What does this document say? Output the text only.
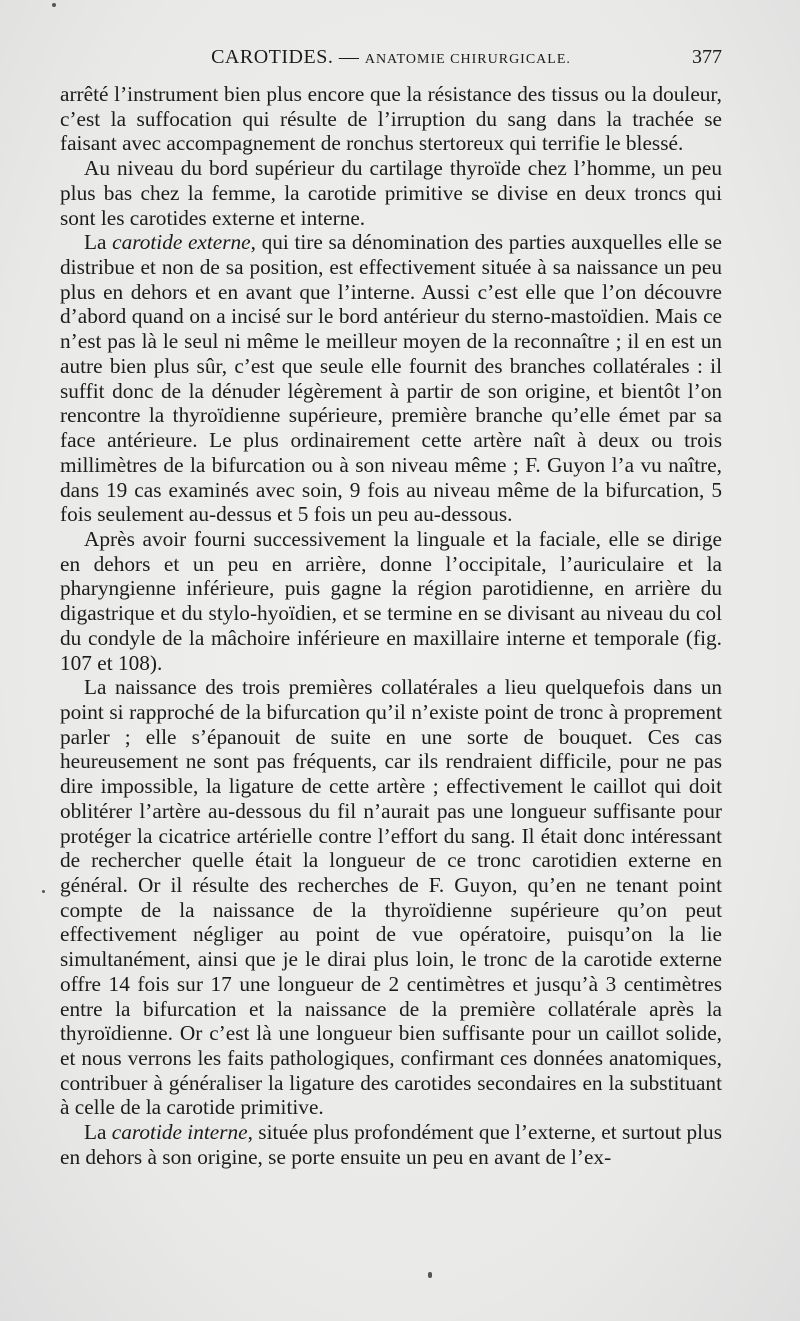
CAROTIDES. — ANATOMIE CHIRURGICALE.	377

arrêté l’instrument bien plus encore que la résistance des tissus ou la douleur, c’est la suffocation qui résulte de l’irruption du sang dans la trachée se faisant avec accompagnement de ronchus stertoreux qui terrifie le blessé.

Au niveau du bord supérieur du cartilage thyroïde chez l’homme, un peu plus bas chez la femme, la carotide primitive se divise en deux troncs qui sont les carotides externe et interne.

La carotide externe, qui tire sa dénomination des parties auxquelles elle se distribue et non de sa position, est effectivement située à sa naissance un peu plus en dehors et en avant que l’interne. Aussi c’est elle que l’on découvre d’abord quand on a incisé sur le bord antérieur du sterno-mastoïdien. Mais ce n’est pas là le seul ni même le meilleur moyen de la reconnaître ; il en est un autre bien plus sûr, c’est que seule elle fournit des branches collatérales : il suffit donc de la dénuder légèrement à partir de son origine, et bientôt l’on rencontre la thyroïdienne supérieure, première branche qu’elle émet par sa face antérieure. Le plus ordinairement cette artère naît à deux ou trois millimètres de la bifurcation ou à son niveau même ; F. Guyon l’a vu naître, dans 19 cas examinés avec soin, 9 fois au niveau même de la bifurcation, 5 fois seulement au-dessus et 5 fois un peu au-dessous.

Après avoir fourni successivement la linguale et la faciale, elle se dirige en dehors et un peu en arrière, donne l’occipitale, l’auriculaire et la pharyngienne inférieure, puis gagne la région parotidienne, en arrière du digastrique et du stylo-hyoïdien, et se termine en se divisant au niveau du col du condyle de la mâchoire inférieure en maxillaire interne et temporale (fig. 107 et 108).

La naissance des trois premières collatérales a lieu quelquefois dans un point si rapproché de la bifurcation qu’il n’existe point de tronc à proprement parler ; elle s’épanouit de suite en une sorte de bouquet. Ces cas heureusement ne sont pas fréquents, car ils rendraient difficile, pour ne pas dire impossible, la ligature de cette artère ; effectivement le caillot qui doit oblitérer l’artère au-dessous du fil n’aurait pas une longueur suffisante pour protéger la cicatrice artérielle contre l’effort du sang. Il était donc intéressant de rechercher quelle était la longueur de ce tronc carotidien externe en général. Or il résulte des recherches de F. Guyon, qu’en ne tenant point compte de la naissance de la thyroïdienne supérieure qu’on peut effectivement négliger au point de vue opératoire, puisqu’on la lie simultanément, ainsi que je le dirai plus loin, le tronc de la carotide externe offre 14 fois sur 17 une longueur de 2 centimètres et jusqu’à 3 centimètres entre la bifurcation et la naissance de la première collatérale après la thyroïdienne. Or c’est là une longueur bien suffisante pour un caillot solide, et nous verrons les faits pathologiques, confirmant ces données anatomiques, contribuer à généraliser la ligature des carotides secondaires en la substituant à celle de la carotide primitive.

La carotide interne, située plus profondément que l’externe, et surtout plus en dehors à son origine, se porte ensuite un peu en avant de l’ex-
